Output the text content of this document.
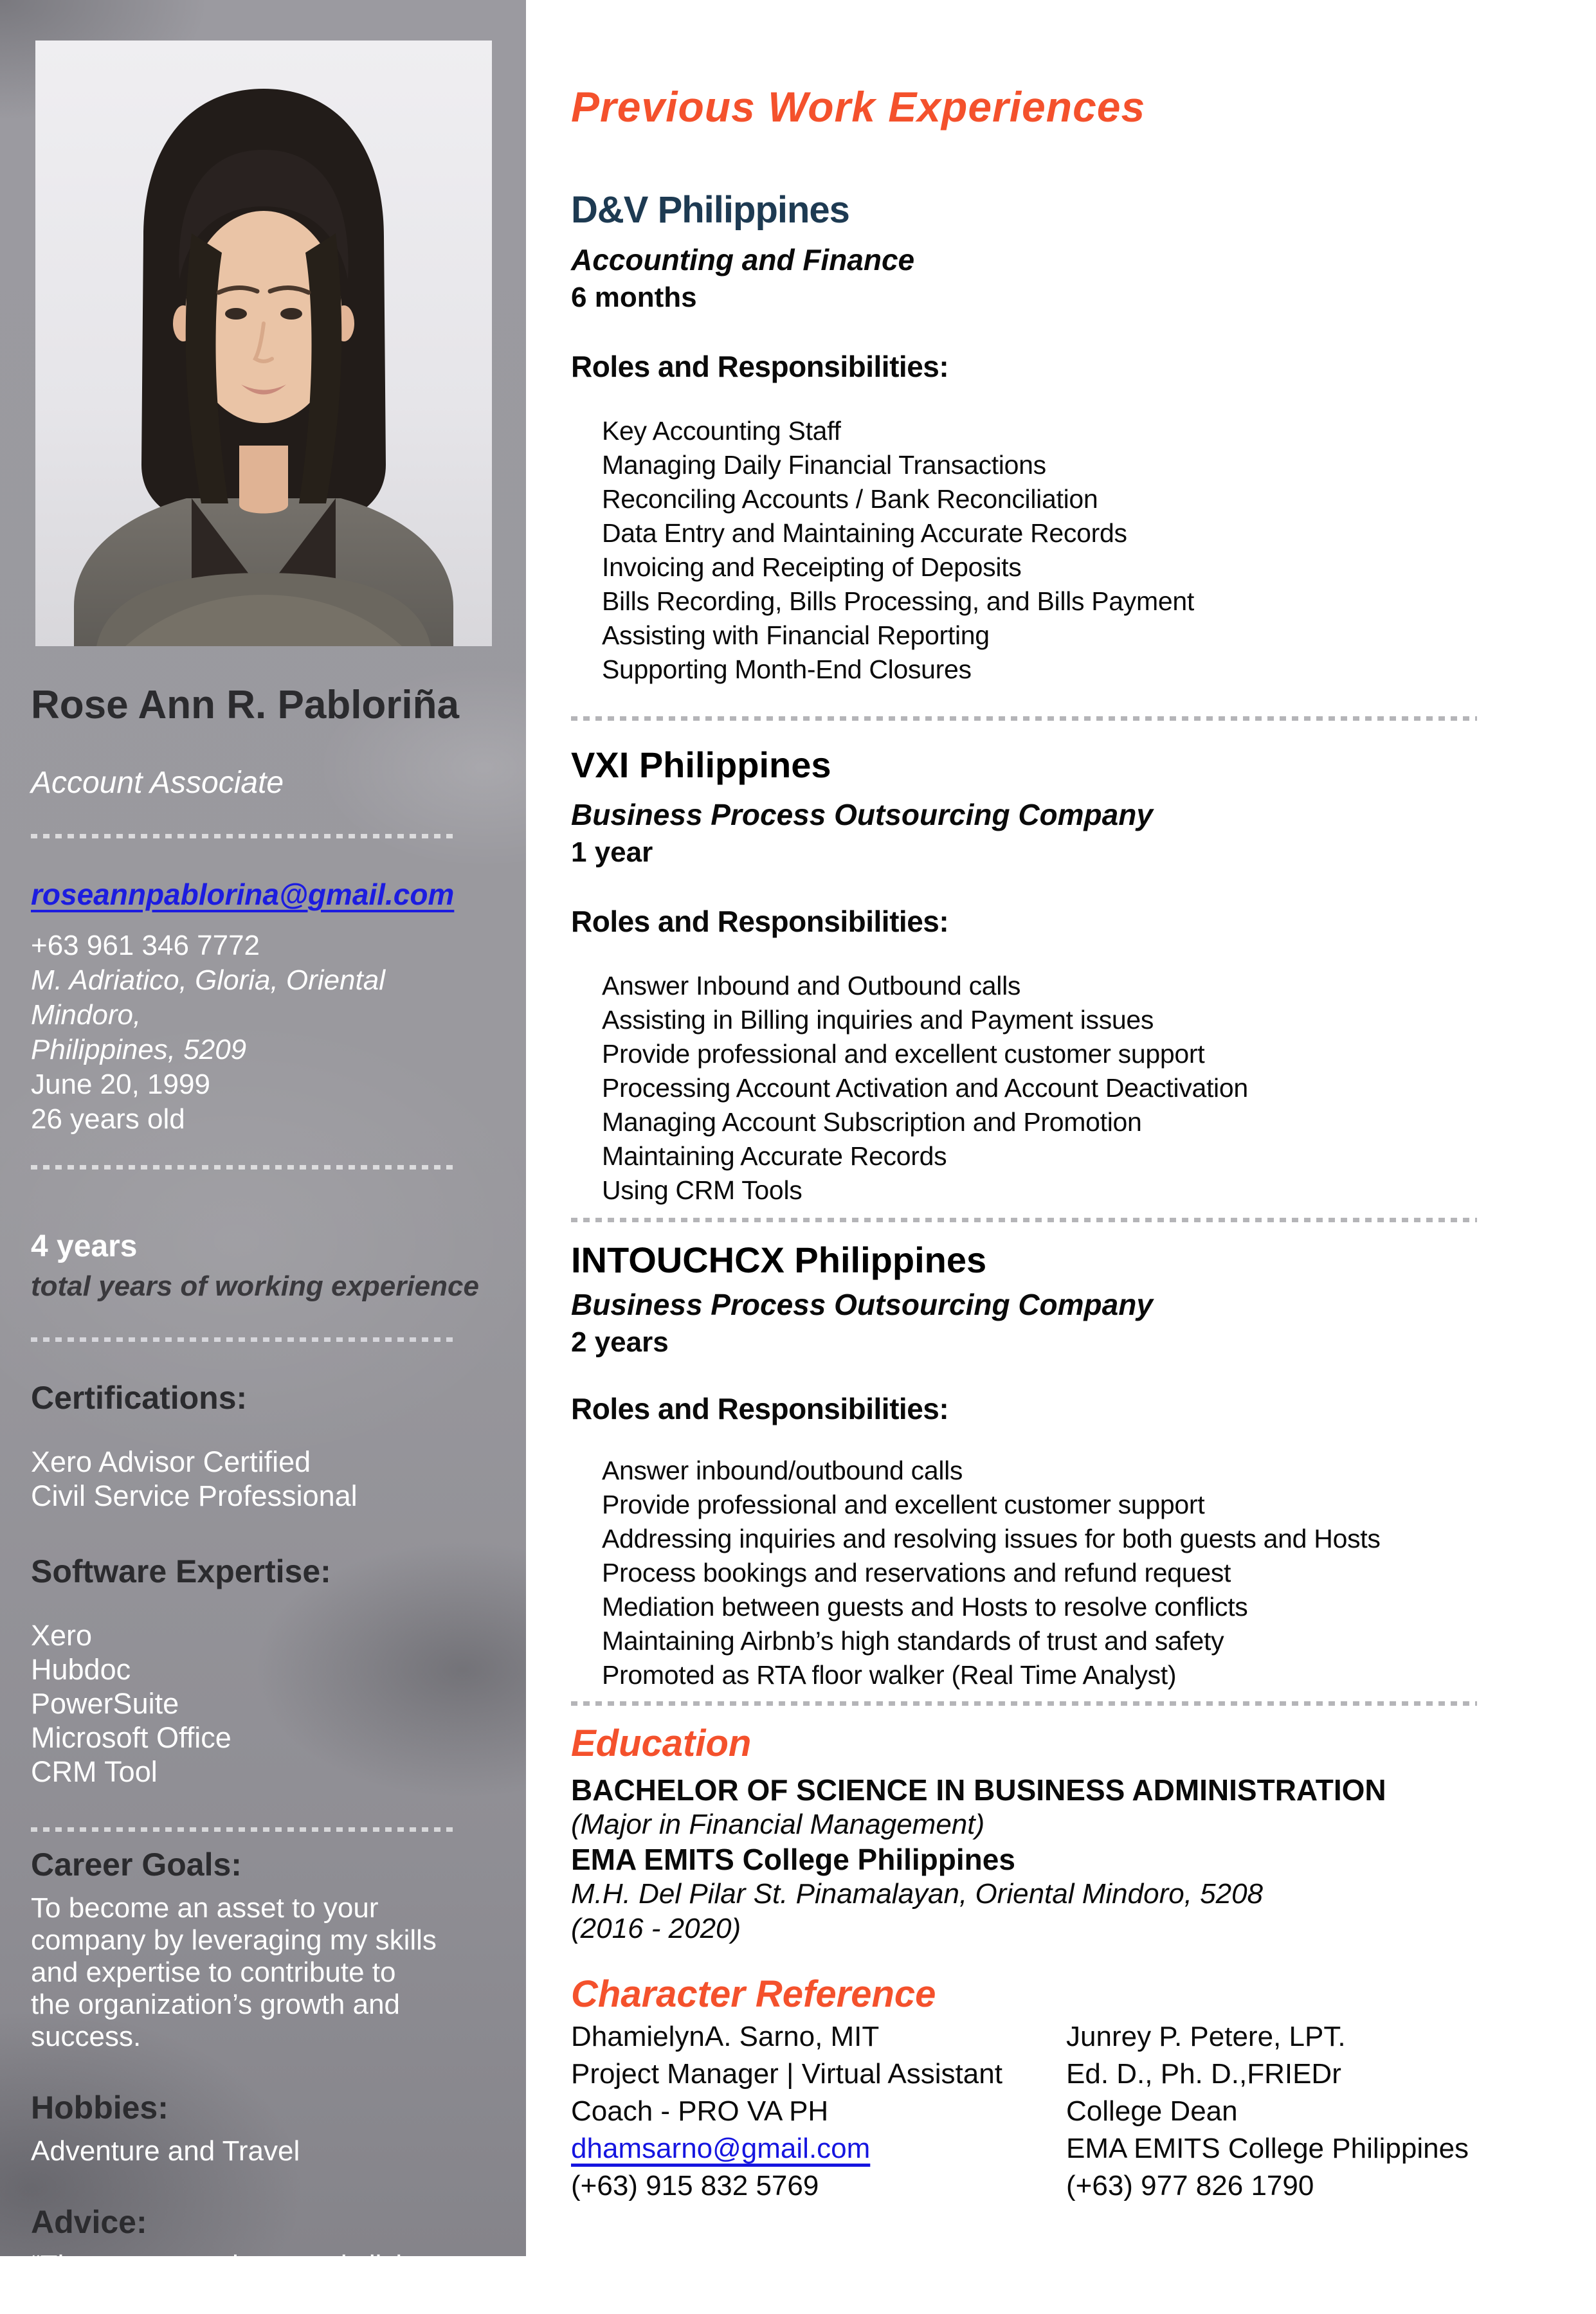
Rose Ann R. Pabloriña
Account Associate
roseannpablorina@gmail.com
+63 961 346 7772
M. Adriatico, Gloria, Oriental Mindoro,
Philippines, 5209
June 20, 1999
26 years old
4 years
total years of working experience
Certifications:
Xero Advisor Certified
Civil Service Professional
Software Expertise:
Xero
Hubdoc
PowerSuite
Microsoft Office
CRM Tool
Career Goals:
To become an asset to your company by leveraging my skills and expertise to contribute to the organization’s growth and success.
Hobbies:
Adventure and Travel
Advice:
“The greatest adventure is living the life of your dreams.”
Previous Work Experiences
D&V Philippines
Accounting and Finance
6 months
Roles and Responsibilities:
Key Accounting Staff
Managing Daily Financial Transactions
Reconciling Accounts / Bank Reconciliation
Data Entry and Maintaining Accurate Records
Invoicing and Receipting of Deposits
Bills Recording, Bills Processing, and Bills Payment
Assisting with Financial Reporting
Supporting Month-End Closures
VXI Philippines
Business Process Outsourcing Company
1 year
Roles and Responsibilities:
Answer Inbound and Outbound calls
Assisting in Billing inquiries and Payment issues
Provide professional and excellent customer support
Processing Account Activation and Account Deactivation
Managing Account Subscription and Promotion
Maintaining Accurate Records
Using CRM Tools
INTOUCHCX Philippines
Business Process Outsourcing Company
2 years
Roles and Responsibilities:
Answer inbound/outbound calls
Provide professional and excellent customer support
Addressing inquiries and resolving issues for both guests and Hosts
Process bookings and reservations and refund request
Mediation between guests and Hosts to resolve conflicts
Maintaining Airbnb’s high standards of trust and safety
Promoted as RTA floor walker (Real Time Analyst)
Education
BACHELOR OF SCIENCE IN BUSINESS ADMINISTRATION
(Major in Financial Management)
EMA EMITS College Philippines
M.H. Del Pilar St. Pinamalayan, Oriental Mindoro, 5208
(2016 - 2020)
Character Reference
DhamielynA. Sarno, MIT
Project Manager | Virtual Assistant
Coach - PRO VA PH
dhamsarno@gmail.com
(+63) 915 832 5769
Junrey P. Petere, LPT.
Ed. D., Ph. D.,FRIEDr
College Dean
EMA EMITS College Philippines
(+63) 977 826 1790
